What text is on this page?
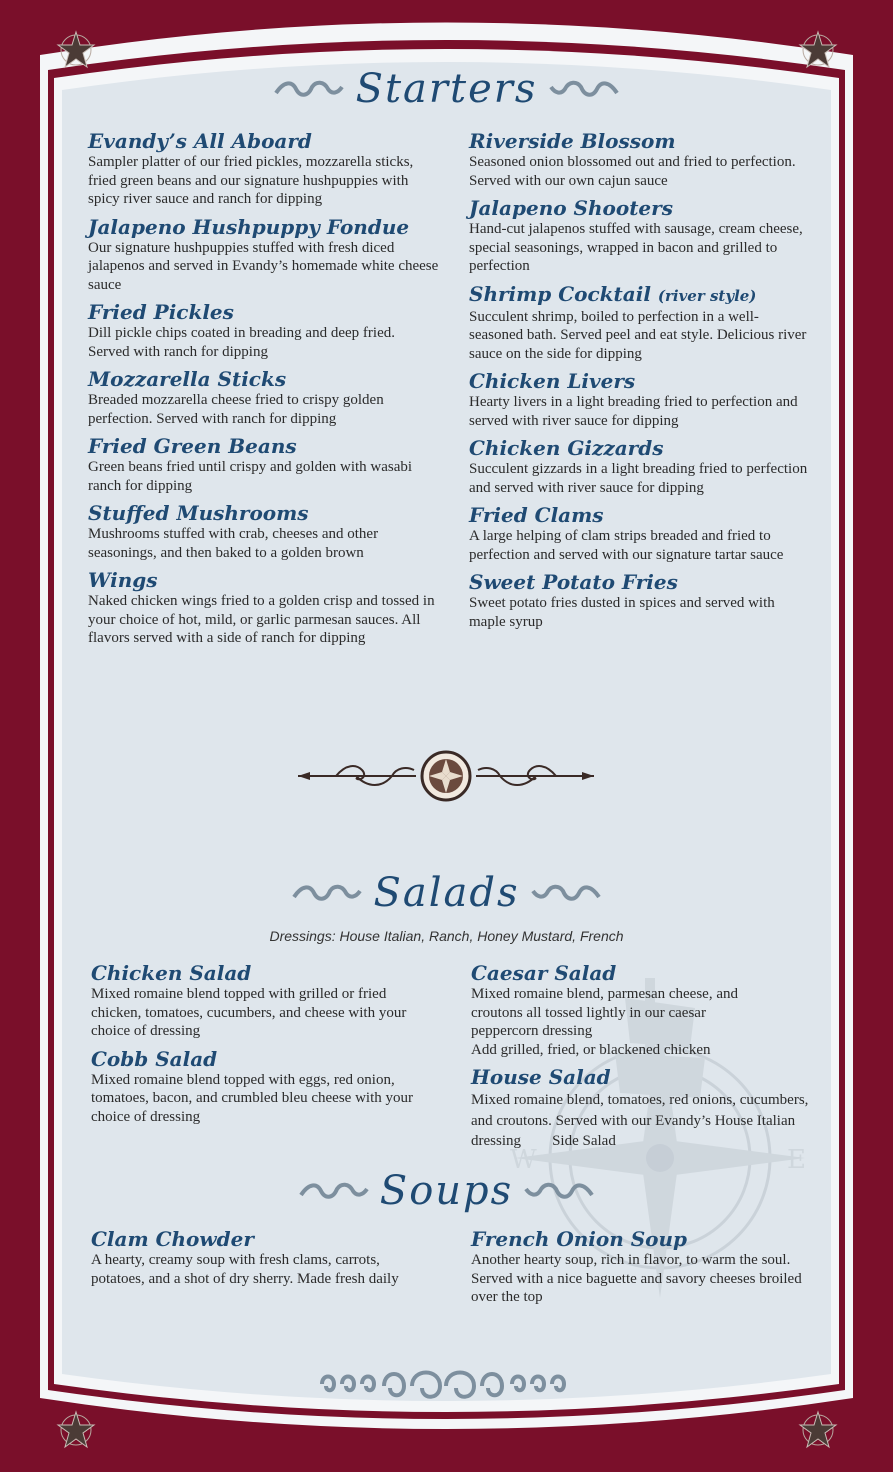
W	E
Starters
Evandy’s All Aboard
Sampler platter of our fried pickles, mozzarella sticks, fried green beans and our signature hushpuppies with spicy river sauce and ranch for dipping
Jalapeno Hushpuppy Fondue
Our signature hushpuppies stuffed with fresh diced jalapenos and served in Evandy’s homemade white cheese sauce
Fried Pickles
Dill pickle chips coated in breading and deep fried. Served with ranch for dipping
Mozzarella Sticks
Breaded mozzarella cheese fried to crispy golden perfection. Served with ranch for dipping
Fried Green Beans
Green beans fried until crispy and golden with wasabi ranch for dipping
Stuffed Mushrooms
Mushrooms stuffed with crab, cheeses and other seasonings, and then baked to a golden brown
Wings
Naked chicken wings fried to a golden crisp and tossed in your choice of hot, mild, or garlic parmesan sauces. All flavors served with a side of ranch for dipping
Riverside Blossom
Seasoned onion blossomed out and fried to perfection. Served with our own cajun sauce
Jalapeno Shooters
Hand-cut jalapenos stuffed with sausage, cream cheese, special seasonings, wrapped in bacon and grilled to perfection
Shrimp Cocktail (river style)
Succulent shrimp, boiled to perfection in a well-seasoned bath. Served peel and eat style. Delicious river sauce on the side for dipping
Chicken Livers
Hearty livers in a light breading fried to perfection and served with river sauce for dipping
Chicken Gizzards
Succulent gizzards in a light breading fried to perfection and served with river sauce for dipping
Fried Clams
A large helping of clam strips breaded and fried to perfection and served with our signature tartar sauce
Sweet Potato Fries
Sweet potato fries dusted in spices and served with maple syrup
Salads
Dressings: House Italian, Ranch, Honey Mustard, French
Chicken Salad
Mixed romaine blend topped with grilled or fried chicken, tomatoes, cucumbers, and cheese with your choice of dressing
Cobb Salad
Mixed romaine blend topped with eggs, red onion, tomatoes, bacon, and crumbled bleu cheese with your choice of dressing
Caesar Salad
Mixed romaine blend, parmesan cheese, and croutons all tossed lightly in our caesar peppercorn dressing
Add grilled, fried, or blackened chicken
House Salad
Mixed romaine blend, tomatoes, red onions, cucumbers, and croutons. Served with our Evandy’s House Italian dressing Side Salad
Soups
Clam Chowder
A hearty, creamy soup with fresh clams, carrots, potatoes, and a shot of dry sherry. Made fresh daily
French Onion Soup
Another hearty soup, rich in flavor, to warm the soul. Served with a nice baguette and savory cheeses broiled over the top
